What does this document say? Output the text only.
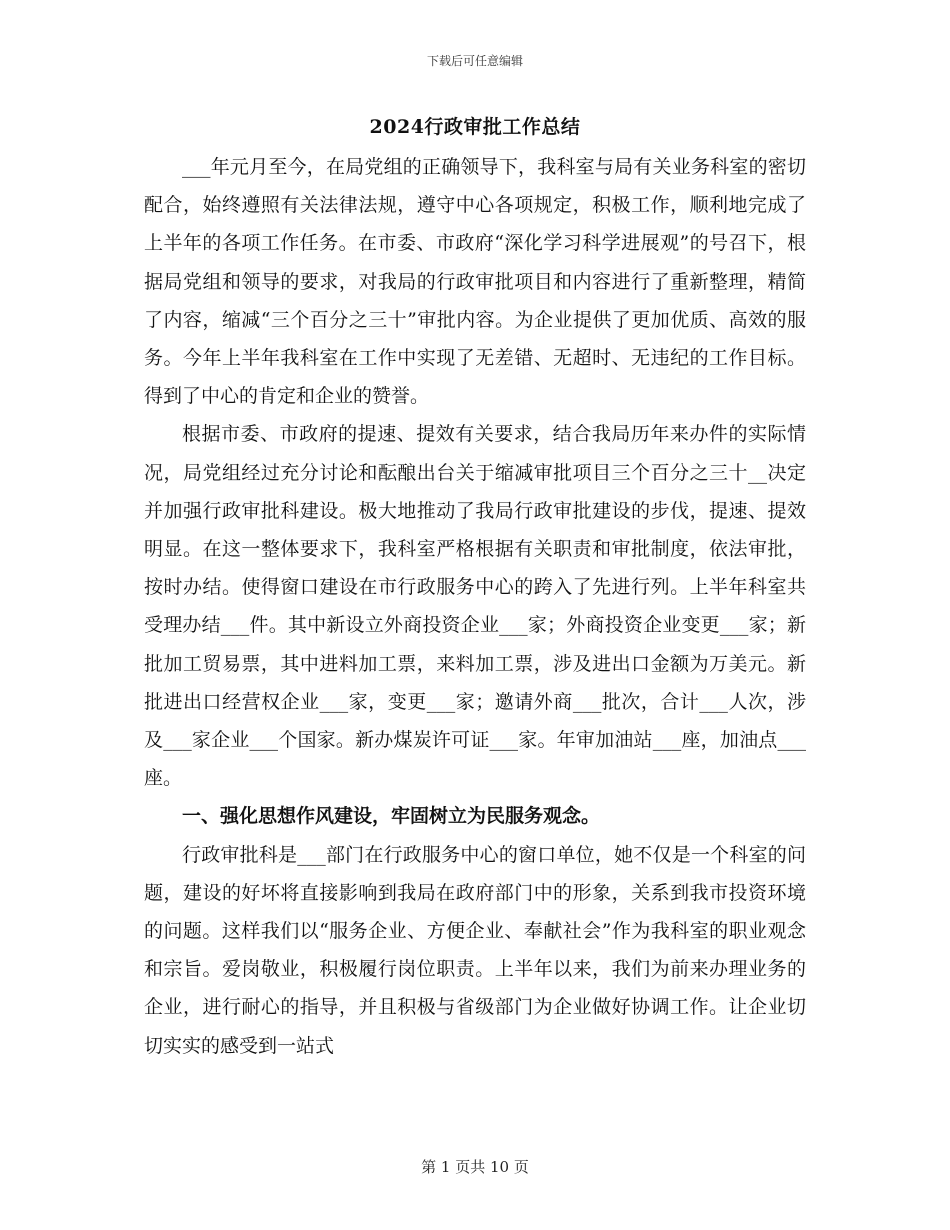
下载后可任意编辑
2024行政审批工作总结

___年元月至今，在局党组的正确领导下，我科室与局有关业务科室的密切配合，始终遵照有关法律法规，遵守中心各项规定，积极工作，顺利地完成了上半年的各项工作任务。在市委、市政府“深化学习科学进展观”的号召下，根据局党组和领导的要求，对我局的行政审批项目和内容进行了重新整理，精简了内容，缩减“三个百分之三十”审批内容。为企业提供了更加优质、高效的服务。今年上半年我科室在工作中实现了无差错、无超时、无违纪的工作目标。得到了中心的肯定和企业的赞誉。

根据市委、市政府的提速、提效有关要求，结合我局历年来办件的实际情况，局党组经过充分讨论和酝酿出台关于缩减审批项目三个百分之三十__决定并加强行政审批科建设。极大地推动了我局行政审批建设的步伐，提速、提效明显。在这一整体要求下，我科室严格根据有关职责和审批制度，依法审批，按时办结。使得窗口建设在市行政服务中心的跨入了先进行列。上半年科室共受理办结___件。其中新设立外商投资企业___家；外商投资企业变更___家；新批加工贸易票，其中进料加工票，来料加工票，涉及进出口金额为万美元。新批进出口经营权企业___家，变更___家；邀请外商___批次，合计___人次，涉及___家企业___个国家。新办煤炭许可证___家。年审加油站___座，加油点___座。

一、强化思想作风建设，牢固树立为民服务观念。

行政审批科是___部门在行政服务中心的窗口单位，她不仅是一个科室的问题，建设的好坏将直接影响到我局在政府部门中的形象，关系到我市投资环境的问题。这样我们以“服务企业、方便企业、奉献社会”作为我科室的职业观念和宗旨。爱岗敬业，积极履行岗位职责。上半年以来，我们为前来办理业务的企业，进行耐心的指导，并且积极与省级部门为企业做好协调工作。让企业切切实实的感受到一站式

第 1 页共 10 页
